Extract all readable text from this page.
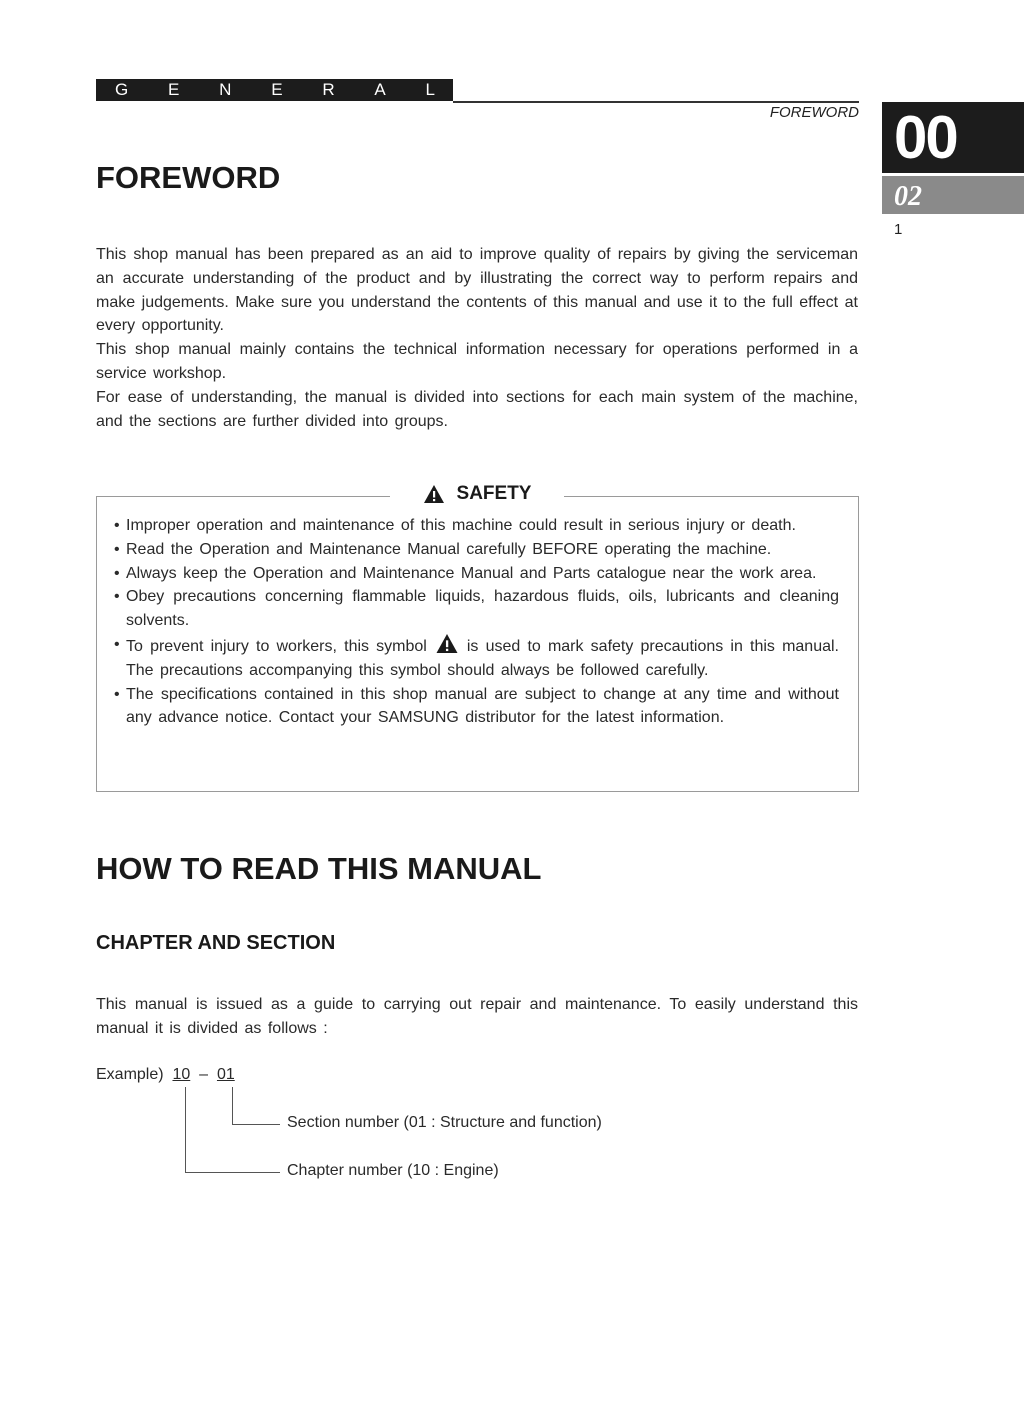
G E N E R A L
FOREWORD 00
02
1
FOREWORD

This shop manual has been prepared as an aid to improve quality of repairs by giving the serviceman an accurate understanding of the product and by illustrating the correct way to perform repairs and make judgements. Make sure you understand the contents of this manual and use it to the full effect at every opportunity.

This shop manual mainly contains the technical information necessary for operations performed in a service workshop.

For ease of understanding, the manual is divided into sections for each main system of the machine, and the sections are further divided into groups.

SAFETY
• Improper operation and maintenance of this machine could result in serious injury or death.
• Read the Operation and Maintenance Manual carefully BEFORE operating the machine.
• Always keep the Operation and Maintenance Manual and Parts catalogue near the work area.
• Obey precautions concerning flammable liquids, hazardous fluids, oils, lubricants and cleaning solvents.
• To prevent injury to workers, this symbol	is used to mark safety precautions in this manual. The precautions accompanying this symbol should always be followed carefully.
• The specifications contained in this shop manual are subject to change at any time and without any advance notice. Contact your SAMSUNG distributor for the latest information.
HOW TO READ THIS MANUAL
CHAPTER AND SECTION

This manual is issued as a guide to carrying out repair and maintenance. To easily understand this manual it is divided as follows :

Example) 10 – 01
Section number (01 : Structure and function)
Chapter number (10 : Engine)
